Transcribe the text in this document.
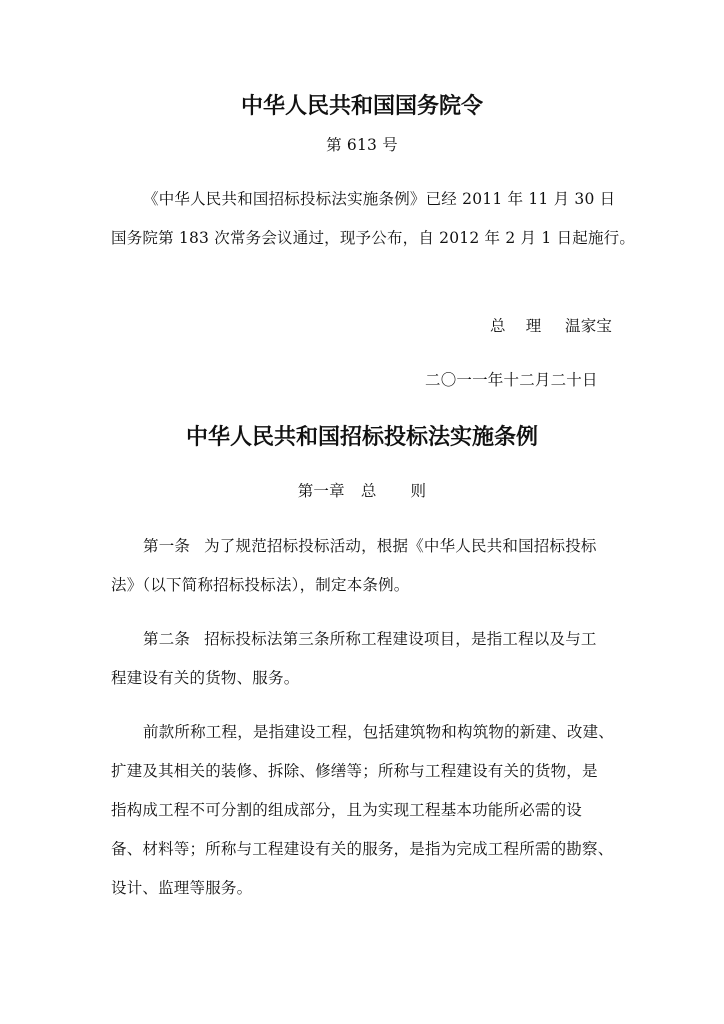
中华人民共和国国务院令
第 613 号
《中华人民共和国招标投标法实施条例》已经 2011 年 11 月 30 日
国务院第 183 次常务会议通过，现予公布，自 2012 年 2 月 1 日起施行。
总 理 温家宝
二〇一一年十二月二十日
中华人民共和国招标投标法实施条例
第一章 总 则
第一条 为了规范招标投标活动，根据《中华人民共和国招标投标
法》（以下简称招标投标法），制定本条例。
第二条 招标投标法第三条所称工程建设项目，是指工程以及与工
程建设有关的货物、服务。
前款所称工程，是指建设工程，包括建筑物和构筑物的新建、改建、
扩建及其相关的装修、拆除、修缮等；所称与工程建设有关的货物，是
指构成工程不可分割的组成部分，且为实现工程基本功能所必需的设
备、材料等；所称与工程建设有关的服务，是指为完成工程所需的勘察、
设计、监理等服务。
